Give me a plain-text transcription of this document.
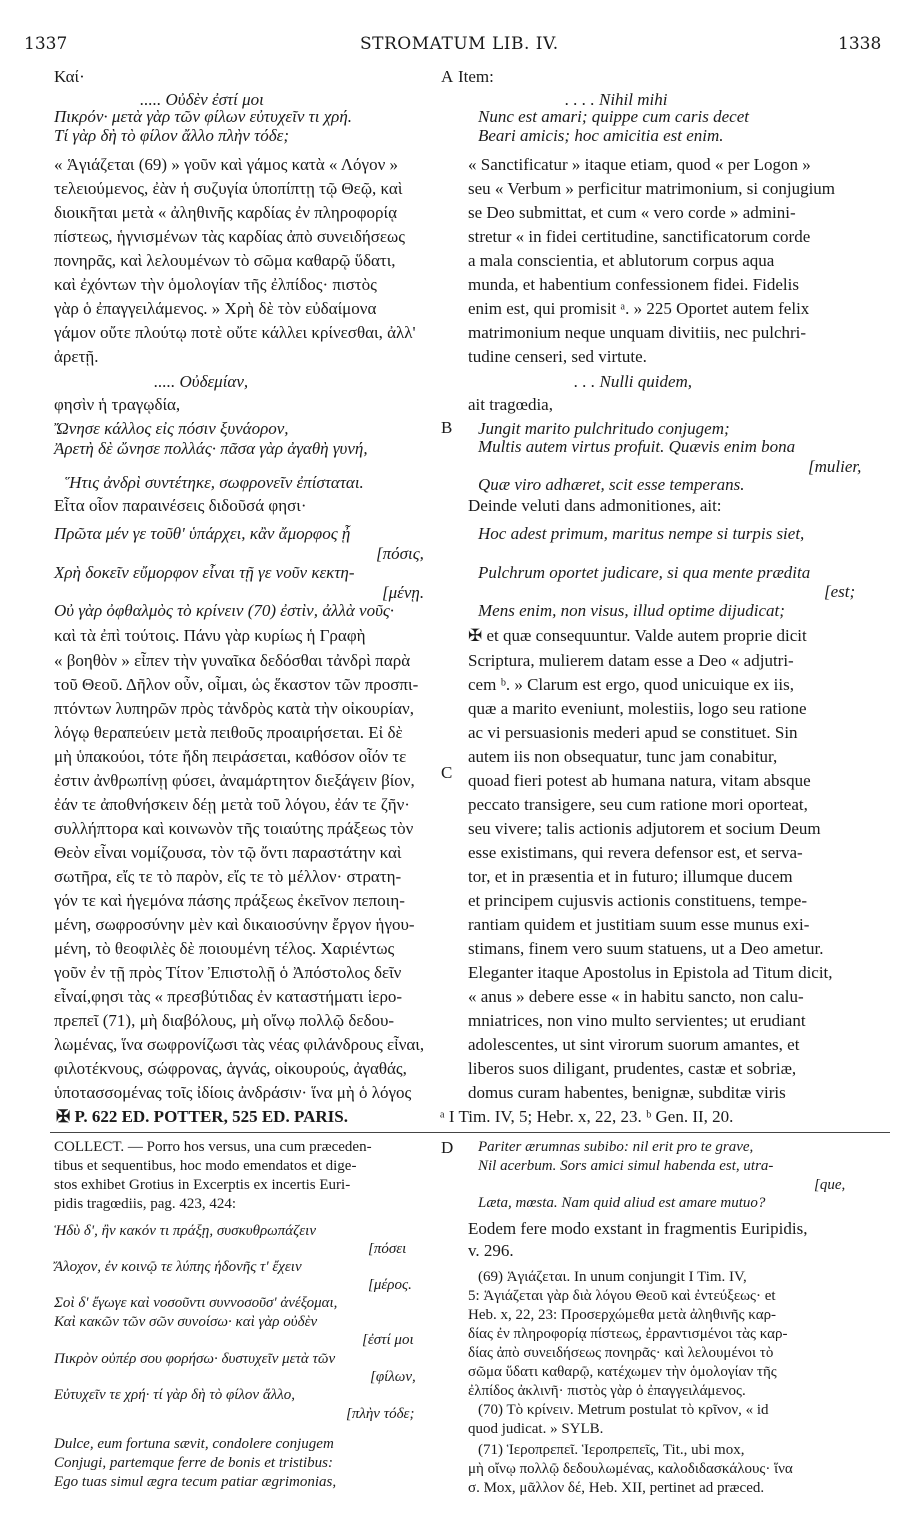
1337	STROMATUM LIB. IV.	1338
A
B
C
D
Καί·
..... Οὐδὲν ἐστί μοι
Πικρόν· μετὰ γὰρ τῶν φίλων εὐτυχεῖν τι χρή.
Τί γὰρ δὴ τὸ φίλον ἄλλο πλὴν τόδε;
« Ἁγιάζεται (69) » γοῦν καὶ γάμος κατὰ « Λόγον »
τελειούμενος, ἐὰν ἡ συζυγία ὑποπίπτῃ τῷ Θεῷ, καὶ
διοικῆται μετὰ « ἀληθινῆς καρδίας ἐν πληροφορίᾳ
πίστεως, ἡγνισμένων τὰς καρδίας ἀπὸ συνειδήσεως
πονηρᾶς, καὶ λελουμένων τὸ σῶμα καθαρῷ ὕδατι,
καὶ ἐχόντων τὴν ὁμολογίαν τῆς ἐλπίδος· πιστὸς
γὰρ ὁ ἐπαγγειλάμενος. » Χρὴ δὲ τὸν εὐδαίμονα
γάμον οὔτε πλούτῳ ποτὲ οὔτε κάλλει κρίνεσθαι, ἀλλ'
ἀρετῇ.
..... Οὐδεμίαν,
φησὶν ἡ τραγῳδία,
Ὤνησε κάλλος εἰς πόσιν ξυνάορον,
Ἀρετὴ δὲ ὤνησε πολλάς· πᾶσα γὰρ ἀγαθὴ γυνή,
Ἥτις ἀνδρὶ συντέτηκε, σωφρονεῖν ἐπίσταται.
Εἶτα οἷον παραινέσεις διδοῦσά φησι·
Πρῶτα μέν γε τοῦθ' ὑπάρχει, κἂν ἄμορφος ᾖ
[πόσις,
Χρὴ δοκεῖν εὔμορφον εἶναι τῇ γε νοῦν κεκτη-
[μένῃ.
Οὐ γὰρ ὀφθαλμὸς τὸ κρίνειν (70) ἐστὶν, ἀλλὰ νοῦς·
καὶ τὰ ἐπὶ τούτοις. Πάνυ γὰρ κυρίως ἡ Γραφὴ
« βοηθὸν » εἶπεν τὴν γυναῖκα δεδόσθαι τἀνδρὶ παρὰ
τοῦ Θεοῦ. Δῆλον οὖν, οἶμαι, ὡς ἕκαστον τῶν προσπι-
πτόντων λυπηρῶν πρὸς τἀνδρὸς κατὰ τὴν οἰκουρίαν,
λόγῳ θεραπεύειν μετὰ πειθοῦς προαιρήσεται. Εἰ δὲ
μὴ ὑπακούοι, τότε ἤδη πειράσεται, καθόσον οἷόν τε
ἐστιν ἀνθρωπίνῃ φύσει, ἀναμάρτητον διεξάγειν βίον,
ἐάν τε ἀποθνήσκειν δέῃ μετὰ τοῦ λόγου, ἐάν τε ζῆν·
συλλήπτορα καὶ κοινωνὸν τῆς τοιαύτης πράξεως τὸν
Θεὸν εἶναι νομίζουσα, τὸν τῷ ὄντι παραστάτην καὶ
σωτῆρα, εἴς τε τὸ παρὸν, εἴς τε τὸ μέλλον· στρατη-
γόν τε καὶ ἡγεμόνα πάσης πράξεως ἐκεῖνον πεποιη-
μένη, σωφροσύνην μὲν καὶ δικαιοσύνην ἔργον ἡγου-
μένη, τὸ θεοφιλὲς δὲ ποιουμένη τέλος. Χαριέντως
γοῦν ἐν τῇ πρὸς Τίτον Ἐπιστολῇ ὁ Ἀπόστολος δεῖν
εἶναί,φησι τὰς « πρεσβύτιδας ἐν καταστήματι ἱερο-
πρεπεῖ (71), μὴ διαβόλους, μὴ οἴνῳ πολλῷ δεδου-
λωμένας, ἵνα σωφρονίζωσι τὰς νέας φιλάνδρους εἶναι,
φιλοτέκνους, σώφρονας, ἁγνάς, οἰκουρούς, ἀγαθάς,
ὑποτασσομένας τοῖς ἰδίοις ἀνδράσιν· ἵνα μὴ ὁ λόγος
Item:
. . . . Nihil mihi
Nunc est amari; quippe cum caris decet
Beari amicis; hoc amicitia est enim.
« Sanctificatur » itaque etiam, quod « per Logon »
seu « Verbum » perficitur matrimonium, si conjugium
se Deo submittat, et cum « vero corde » admini-
stretur « in fidei certitudine, sanctificatorum corde
a mala conscientia, et ablutorum corpus aqua
munda, et habentium confessionem fidei. Fidelis
enim est, qui promisit ᵃ. » 225 Oportet autem felix
matrimonium neque unquam divitiis, nec pulchri-
tudine censeri, sed virtute.
. . . Nulli quidem,
ait tragœdia,
Jungit marito pulchritudo conjugem;
Multis autem virtus profuit. Quævis enim bona
[mulier,
Quæ viro adhæret, scit esse temperans.
Deinde veluti dans admonitiones, ait:
Hoc adest primum, maritus nempe si turpis siet,
Pulchrum oportet judicare, si qua mente prædita
[est;
Mens enim, non visus, illud optime dijudicat;
✠ et quæ consequuntur. Valde autem proprie dicit
Scriptura, mulierem datam esse a Deo « adjutri-
cem ᵇ. » Clarum est ergo, quod unicuique ex iis,
quæ a marito eveniunt, molestiis, logo seu ratione
ac vi persuasionis mederi apud se constituet. Sin
autem iis non obsequatur, tunc jam conabitur,
quoad fieri potest ab humana natura, vitam absque
peccato transigere, seu cum ratione mori oporteat,
seu vivere; talis actionis adjutorem et socium Deum
esse existimans, qui revera defensor est, et serva-
tor, et in præsentia et in futuro; illumque ducem
et principem cujusvis actionis constituens, tempe-
rantiam quidem et justitiam suum esse munus exi-
stimans, finem vero suum statuens, ut a Deo ametur.
Eleganter itaque Apostolus in Epistola ad Titum dicit,
« anus » debere esse « in habitu sancto, non calu-
mniatrices, non vino multo servientes; ut erudiant
adolescentes, ut sint virorum suorum amantes, et
liberos suos diligant, prudentes, castæ et sobriæ,
domus curam habentes, benignæ, subditæ viris
✠ P. 622 ED. POTTER, 525 ED. PARIS.	ᵃ I Tim. IV, 5; Hebr. x, 22, 23. ᵇ Gen. II, 20.
COLLECT. — Porro hos versus, una cum præceden-
tibus et sequentibus, hoc modo emendatos et dige-
stos exhibet Grotius in Excerptis ex incertis Euri-
pidis tragœdiis, pag. 423, 424:
Ἡδὺ δ', ἢν κακόν τι πράξῃ, συσκυθρωπάζειν
[πόσει
Ἄλοχον, ἐν κοινῷ τε λύπης ἡδονῆς τ' ἔχειν
[μέρος.
Σοὶ δ' ἔγωγε καὶ νοσοῦντι συννοσοῦσ' ἀνέξομαι,
Καὶ κακῶν τῶν σῶν συνοίσω· καὶ γὰρ οὐδὲν
[ἐστί μοι
Πικρὸν οὐπέρ σου φορήσω· δυστυχεῖν μετὰ τῶν
[φίλων,
Εὐτυχεῖν τε χρή· τί γὰρ δὴ τὸ φίλον ἄλλο,
[πλὴν τόδε;
Dulce, eum fortuna sævit, condolere conjugem
Conjugi, partemque ferre de bonis et tristibus:
Ego tuas simul ægra tecum patiar ægrimonias,
Pariter ærumnas subibo: nil erit pro te grave,
Nil acerbum. Sors amici simul habenda est, utra-
[que,
Læta, mœsta. Nam quid aliud est amare mutuo?
Eodem fere modo exstant in fragmentis Euripidis,
v. 296.
(69) Ἁγιάζεται. In unum conjungit I Tim. IV,
5: Ἁγιάζεται γὰρ διὰ λόγου Θεοῦ καὶ ἐντεύξεως· et
Heb. x, 22, 23: Προσερχώμεθα μετὰ ἀληθινῆς καρ-
δίας ἐν πληροφορίᾳ πίστεως, ἐρραντισμένοι τὰς καρ-
δίας ἀπὸ συνειδήσεως πονηρᾶς· καὶ λελουμένοι τὸ
σῶμα ὕδατι καθαρῷ, κατέχωμεν τὴν ὁμολογίαν τῆς
ἐλπίδος ἀκλινῆ· πιστὸς γὰρ ὁ ἐπαγγειλάμενος.
(70) Τὸ κρίνειν. Metrum postulat τὸ κρῖνον, « id
quod judicat. » SYLB.
(71) Ἱεροπρεπεῖ. Ἱεροπρεπεῖς, Tit., ubi mox,
μὴ οἴνῳ πολλῷ δεδουλωμένας, καλοδιδασκάλους· ἵνα
σ. Mox, μᾶλλον δέ, Heb. XII, pertinet ad præced.
